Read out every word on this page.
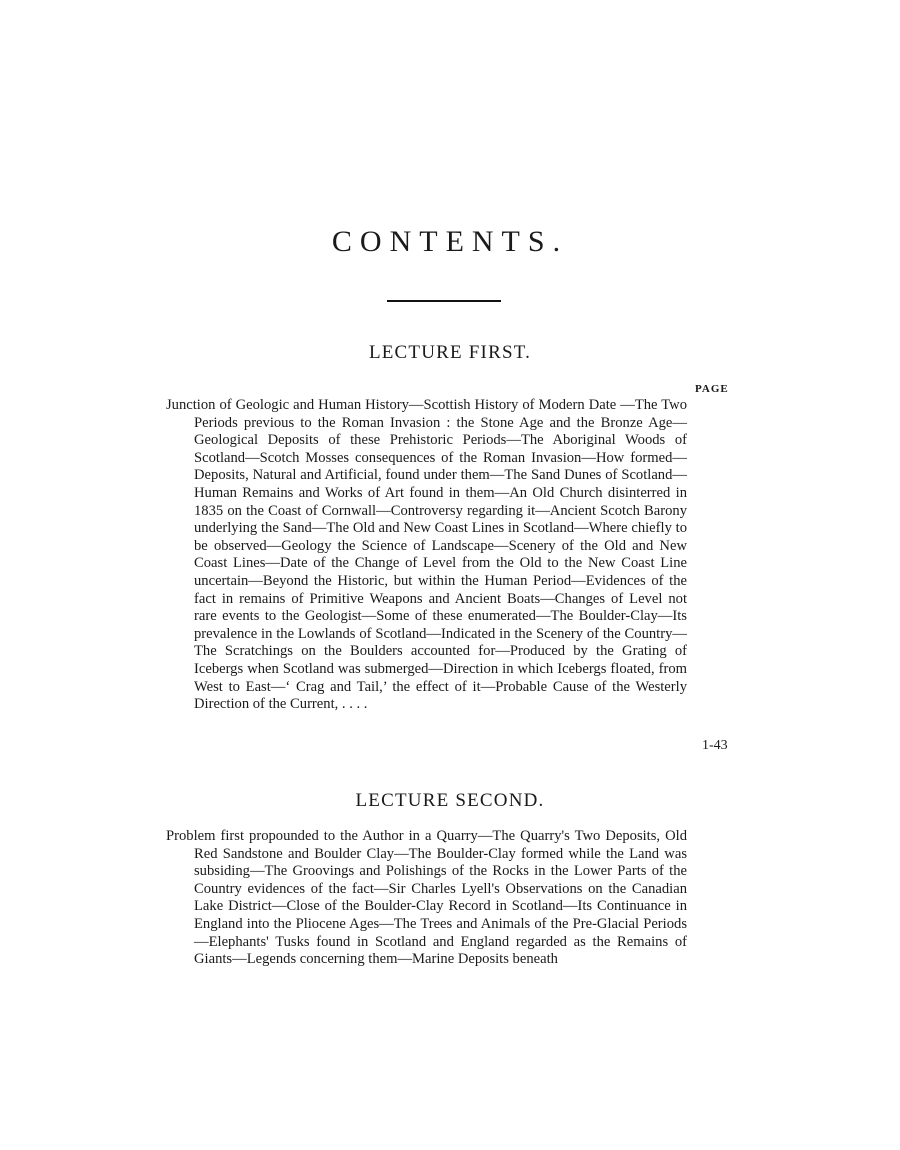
CONTENTS.
LECTURE FIRST.
PAGE

Junction of Geologic and Human History—Scottish History of Modern Date —The Two Periods previous to the Roman Invasion : the Stone Age and the Bronze Age—Geological Deposits of these Prehistoric Periods—The Aboriginal Woods of Scotland—Scotch Mosses consequences of the Roman Invasion—How formed—Deposits, Natural and Artificial, found under them—The Sand Dunes of Scotland—Human Remains and Works of Art found in them—An Old Church disinterred in 1835 on the Coast of Cornwall—Controversy regarding it—Ancient Scotch Barony underlying the Sand—The Old and New Coast Lines in Scotland—Where chiefly to be observed—Geology the Science of Landscape—Scenery of the Old and New Coast Lines—Date of the Change of Level from the Old to the New Coast Line uncertain—Beyond the Historic, but within the Human Period—Evidences of the fact in remains of Primitive Weapons and Ancient Boats—Changes of Level not rare events to the Geologist—Some of these enumerated—The Boulder-Clay—Its prevalence in the Lowlands of Scotland—Indicated in the Scenery of the Country—The Scratchings on the Boulders accounted for—Produced by the Grating of Icebergs when Scotland was submerged—Direction in which Icebergs floated, from West to East—‘ Crag and Tail,’ the effect of it—Probable Cause of the Westerly Direction of the Current, . . . .

1-43
LECTURE SECOND.

Problem first propounded to the Author in a Quarry—The Quarry's Two Deposits, Old Red Sandstone and Boulder Clay—The Boulder-Clay formed while the Land was subsiding—The Groovings and Polishings of the Rocks in the Lower Parts of the Country evidences of the fact—Sir Charles Lyell's Observations on the Canadian Lake District—Close of the Boulder-Clay Record in Scotland—Its Continuance in England into the Pliocene Ages—The Trees and Animals of the Pre-Glacial Periods—Elephants' Tusks found in Scotland and England regarded as the Remains of Giants—Legends concerning them—Marine Deposits beneath
